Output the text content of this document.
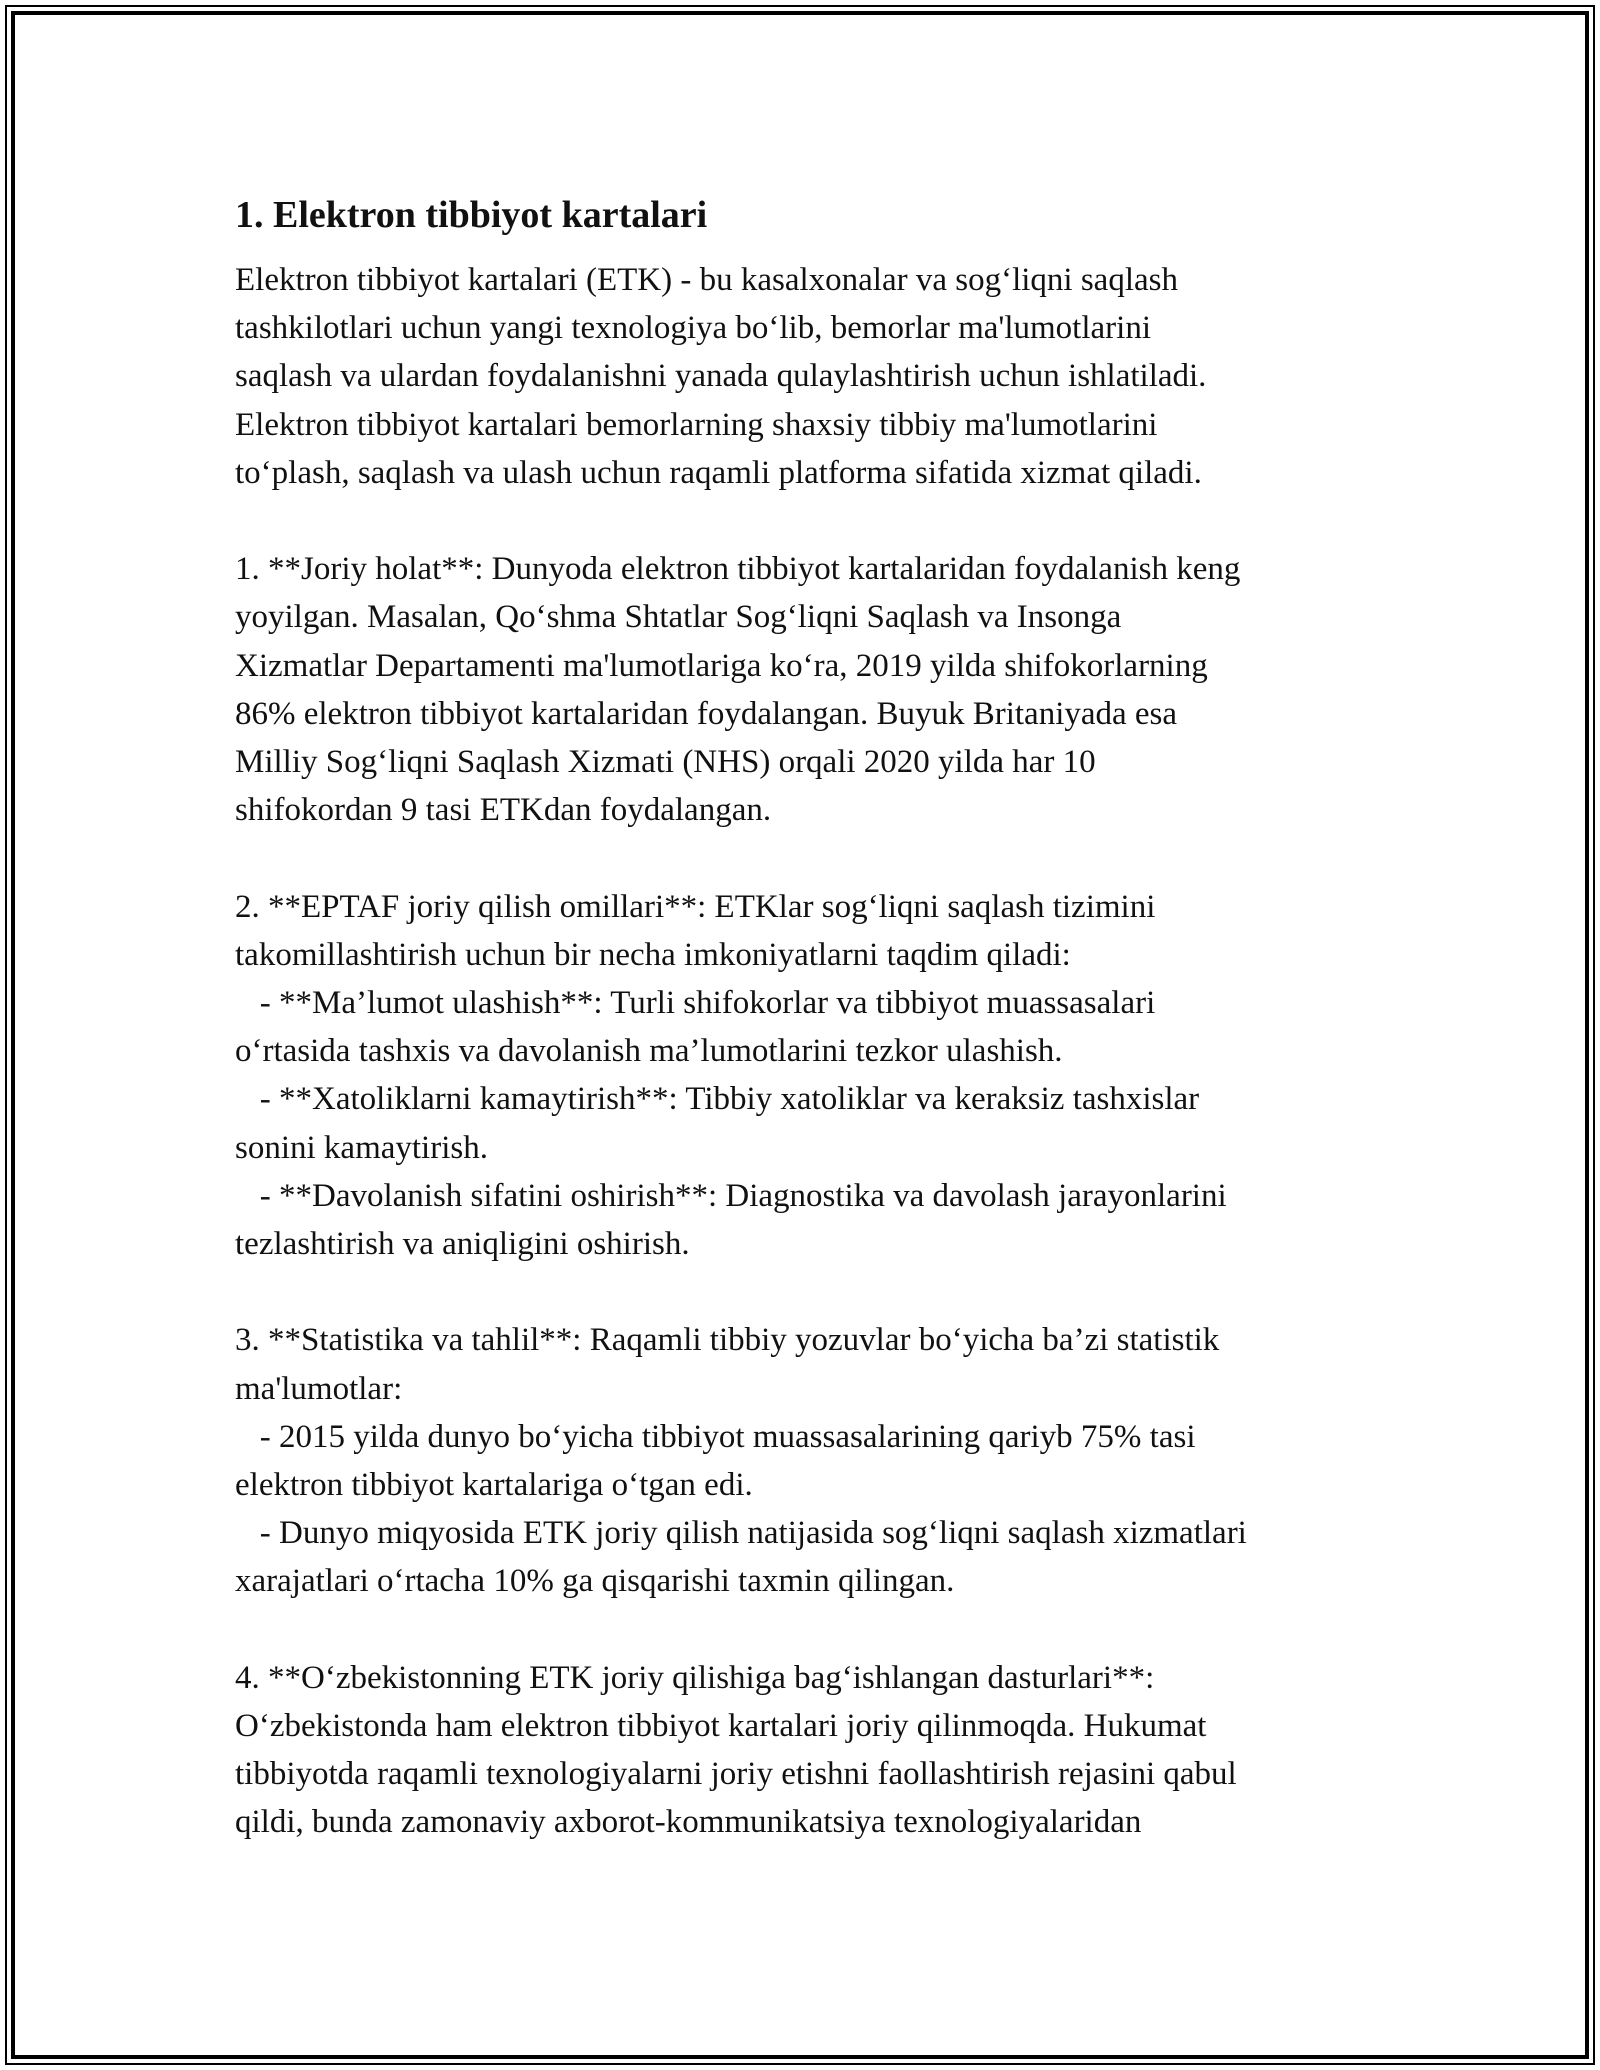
1. Elektron tibbiyot kartalari

Elektron tibbiyot kartalari (ETK) - bu kasalxonalar va sog‘liqni saqlash
tashkilotlari uchun yangi texnologiya bo‘lib, bemorlar ma'lumotlarini
saqlash va ulardan foydalanishni yanada qulaylashtirish uchun ishlatiladi.
Elektron tibbiyot kartalari bemorlarning shaxsiy tibbiy ma'lumotlarini
to‘plash, saqlash va ulash uchun raqamli platforma sifatida xizmat qiladi.

1. **Joriy holat**: Dunyoda elektron tibbiyot kartalaridan foydalanish keng
yoyilgan. Masalan, Qo‘shma Shtatlar Sog‘liqni Saqlash va Insonga
Xizmatlar Departamenti ma'lumotlariga ko‘ra, 2019 yilda shifokorlarning
86% elektron tibbiyot kartalaridan foydalangan. Buyuk Britaniyada esa
Milliy Sog‘liqni Saqlash Xizmati (NHS) orqali 2020 yilda har 10
shifokordan 9 tasi ETKdan foydalangan.

2. **EPTAF joriy qilish omillari**: ETKlar sog‘liqni saqlash tizimini
takomillashtirish uchun bir necha imkoniyatlarni taqdim qiladi:
- **Ma’lumot ulashish**: Turli shifokorlar va tibbiyot muassasalari
o‘rtasida tashxis va davolanish ma’lumotlarini tezkor ulashish.
- **Xatoliklarni kamaytirish**: Tibbiy xatoliklar va keraksiz tashxislar
sonini kamaytirish.
- **Davolanish sifatini oshirish**: Diagnostika va davolash jarayonlarini
tezlashtirish va aniqligini oshirish.

3. **Statistika va tahlil**: Raqamli tibbiy yozuvlar bo‘yicha ba’zi statistik
ma'lumotlar:
- 2015 yilda dunyo bo‘yicha tibbiyot muassasalarining qariyb 75% tasi
elektron tibbiyot kartalariga o‘tgan edi.
- Dunyo miqyosida ETK joriy qilish natijasida sog‘liqni saqlash xizmatlari
xarajatlari o‘rtacha 10% ga qisqarishi taxmin qilingan.

4. **O‘zbekistonning ETK joriy qilishiga bag‘ishlangan dasturlari**:
O‘zbekistonda ham elektron tibbiyot kartalari joriy qilinmoqda. Hukumat
tibbiyotda raqamli texnologiyalarni joriy etishni faollashtirish rejasini qabul
qildi, bunda zamonaviy axborot-kommunikatsiya texnologiyalaridan
